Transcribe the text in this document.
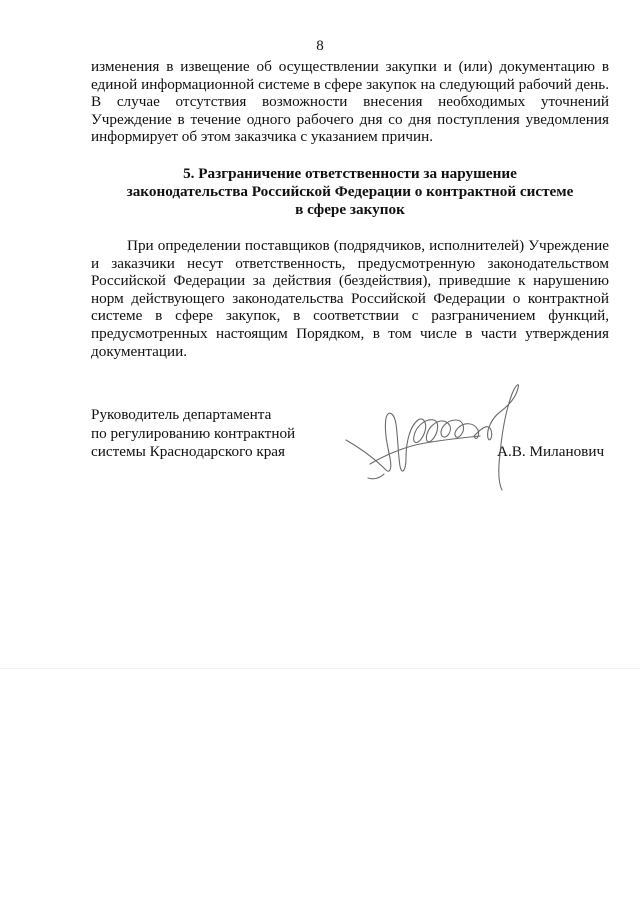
8

изменения в извещение об осуществлении закупки и (или) документацию в единой информационной системе в сфере закупок на следующий рабочий день. В случае отсутствия возможности внесения необходимых уточнений Учреждение в течение одного рабочего дня со дня поступления уведомления информирует об этом заказчика с указанием причин.

5. Разграничение ответственности за нарушение
законодательства Российской Федерации о контрактной системе
в сфере закупок

При определении поставщиков (подрядчиков, исполнителей) Учреждение и заказчики несут ответственность, предусмотренную законодательством Российской Федерации за действия (бездействия), приведшие к нарушению норм действующего законодательства Российской Федерации о контрактной системе в сфере закупок, в соответствии с разграничением функций, предусмотренных настоящим Порядком, в том числе в части утверждения документации.

Руководитель департамента
по регулированию контрактной
системы Краснодарского края	А.В. Миланович
